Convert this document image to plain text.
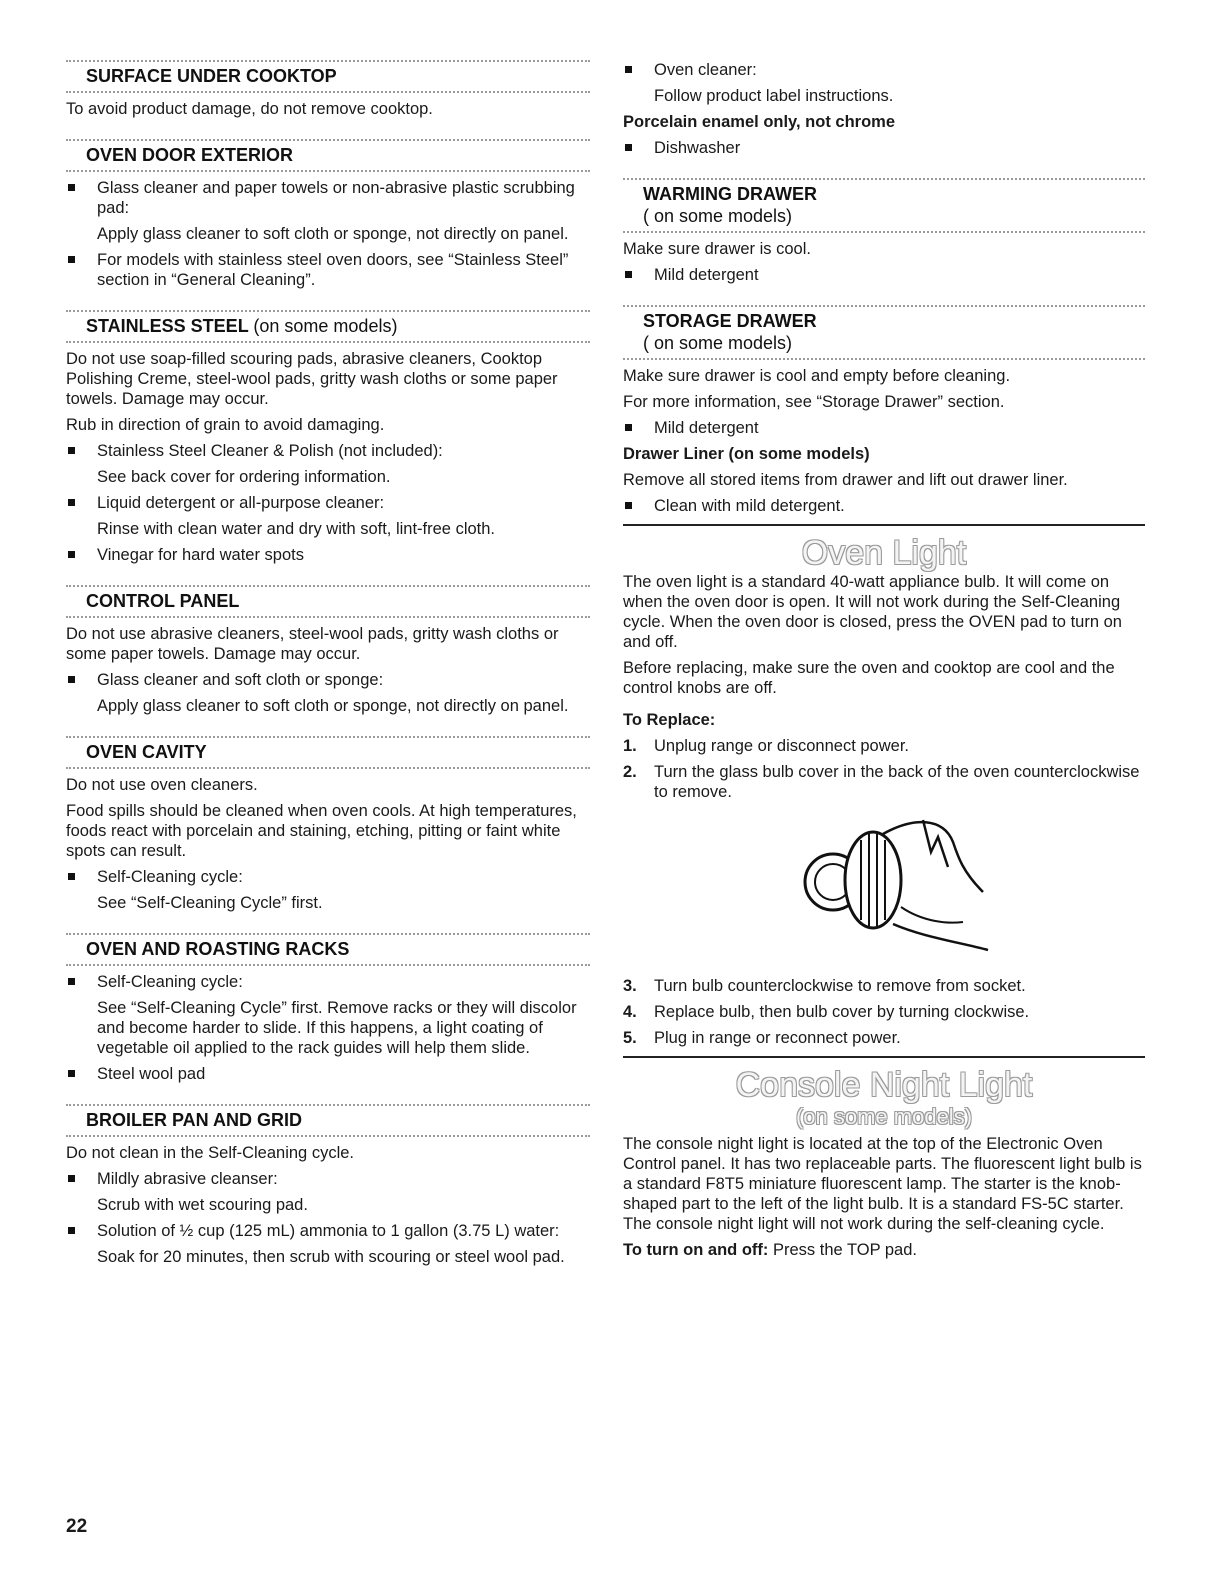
SURFACE UNDER COOKTOP

To avoid product damage, do not remove cooktop.

OVEN DOOR EXTERIOR
Glass cleaner and paper towels or non-abrasive plastic scrubbing pad:
Apply glass cleaner to soft cloth or sponge, not directly on panel.
For models with stainless steel oven doors, see “Stainless Steel” section in “General Cleaning”.
STAINLESS STEEL (on some models)

Do not use soap-filled scouring pads, abrasive cleaners, Cooktop Polishing Creme, steel-wool pads, gritty wash cloths or some paper towels. Damage may occur.

Rub in direction of grain to avoid damaging.

Stainless Steel Cleaner & Polish (not included):
See back cover for ordering information.
Liquid detergent or all-purpose cleaner:
Rinse with clean water and dry with soft, lint-free cloth.
Vinegar for hard water spots
CONTROL PANEL

Do not use abrasive cleaners, steel-wool pads, gritty wash cloths or some paper towels. Damage may occur.

Glass cleaner and soft cloth or sponge:
Apply glass cleaner to soft cloth or sponge, not directly on panel.
OVEN CAVITY

Do not use oven cleaners.

Food spills should be cleaned when oven cools. At high temperatures, foods react with porcelain and staining, etching, pitting or faint white spots can result.

Self-Cleaning cycle:
See “Self-Cleaning Cycle” first.
OVEN AND ROASTING RACKS
Self-Cleaning cycle:
See “Self-Cleaning Cycle” first. Remove racks or they will discolor and become harder to slide. If this happens, a light coating of vegetable oil applied to the rack guides will help them slide.
Steel wool pad
BROILER PAN AND GRID

Do not clean in the Self-Cleaning cycle.

Mildly abrasive cleanser:
Scrub with wet scouring pad.
Solution of ½ cup (125 mL) ammonia to 1 gallon (3.75 L) water:
Soak for 20 minutes, then scrub with scouring or steel wool pad.
Oven cleaner:
Follow product label instructions.
Porcelain enamel only, not chrome
Dishwasher
WARMING DRAWER
( on some models)

Make sure drawer is cool.

Mild detergent
STORAGE DRAWER
( on some models)

Make sure drawer is cool and empty before cleaning.

For more information, see “Storage Drawer” section.

Mild detergent
Drawer Liner (on some models)

Remove all stored items from drawer and lift out drawer liner.

Clean with mild detergent.
Oven Light

The oven light is a standard 40-watt appliance bulb. It will come on when the oven door is open. It will not work during the Self-Cleaning cycle. When the oven door is closed, press the OVEN pad to turn on and off.

Before replacing, make sure the oven and cooktop are cool and the control knobs are off.

To Replace:
1. Unplug range or disconnect power.
2. Turn the glass bulb cover in the back of the oven counterclockwise to remove.
3. Turn bulb counterclockwise to remove from socket.
4. Replace bulb, then bulb cover by turning clockwise.
5. Plug in range or reconnect power.
Console Night Light
(on some models)

The console night light is located at the top of the Electronic Oven Control panel. It has two replaceable parts. The fluorescent light bulb is a standard F8T5 miniature fluorescent lamp. The starter is the knob-shaped part to the left of the light bulb. It is a standard FS-5C starter. The console night light will not work during the self-cleaning cycle.

To turn on and off: Press the TOP pad.

22
